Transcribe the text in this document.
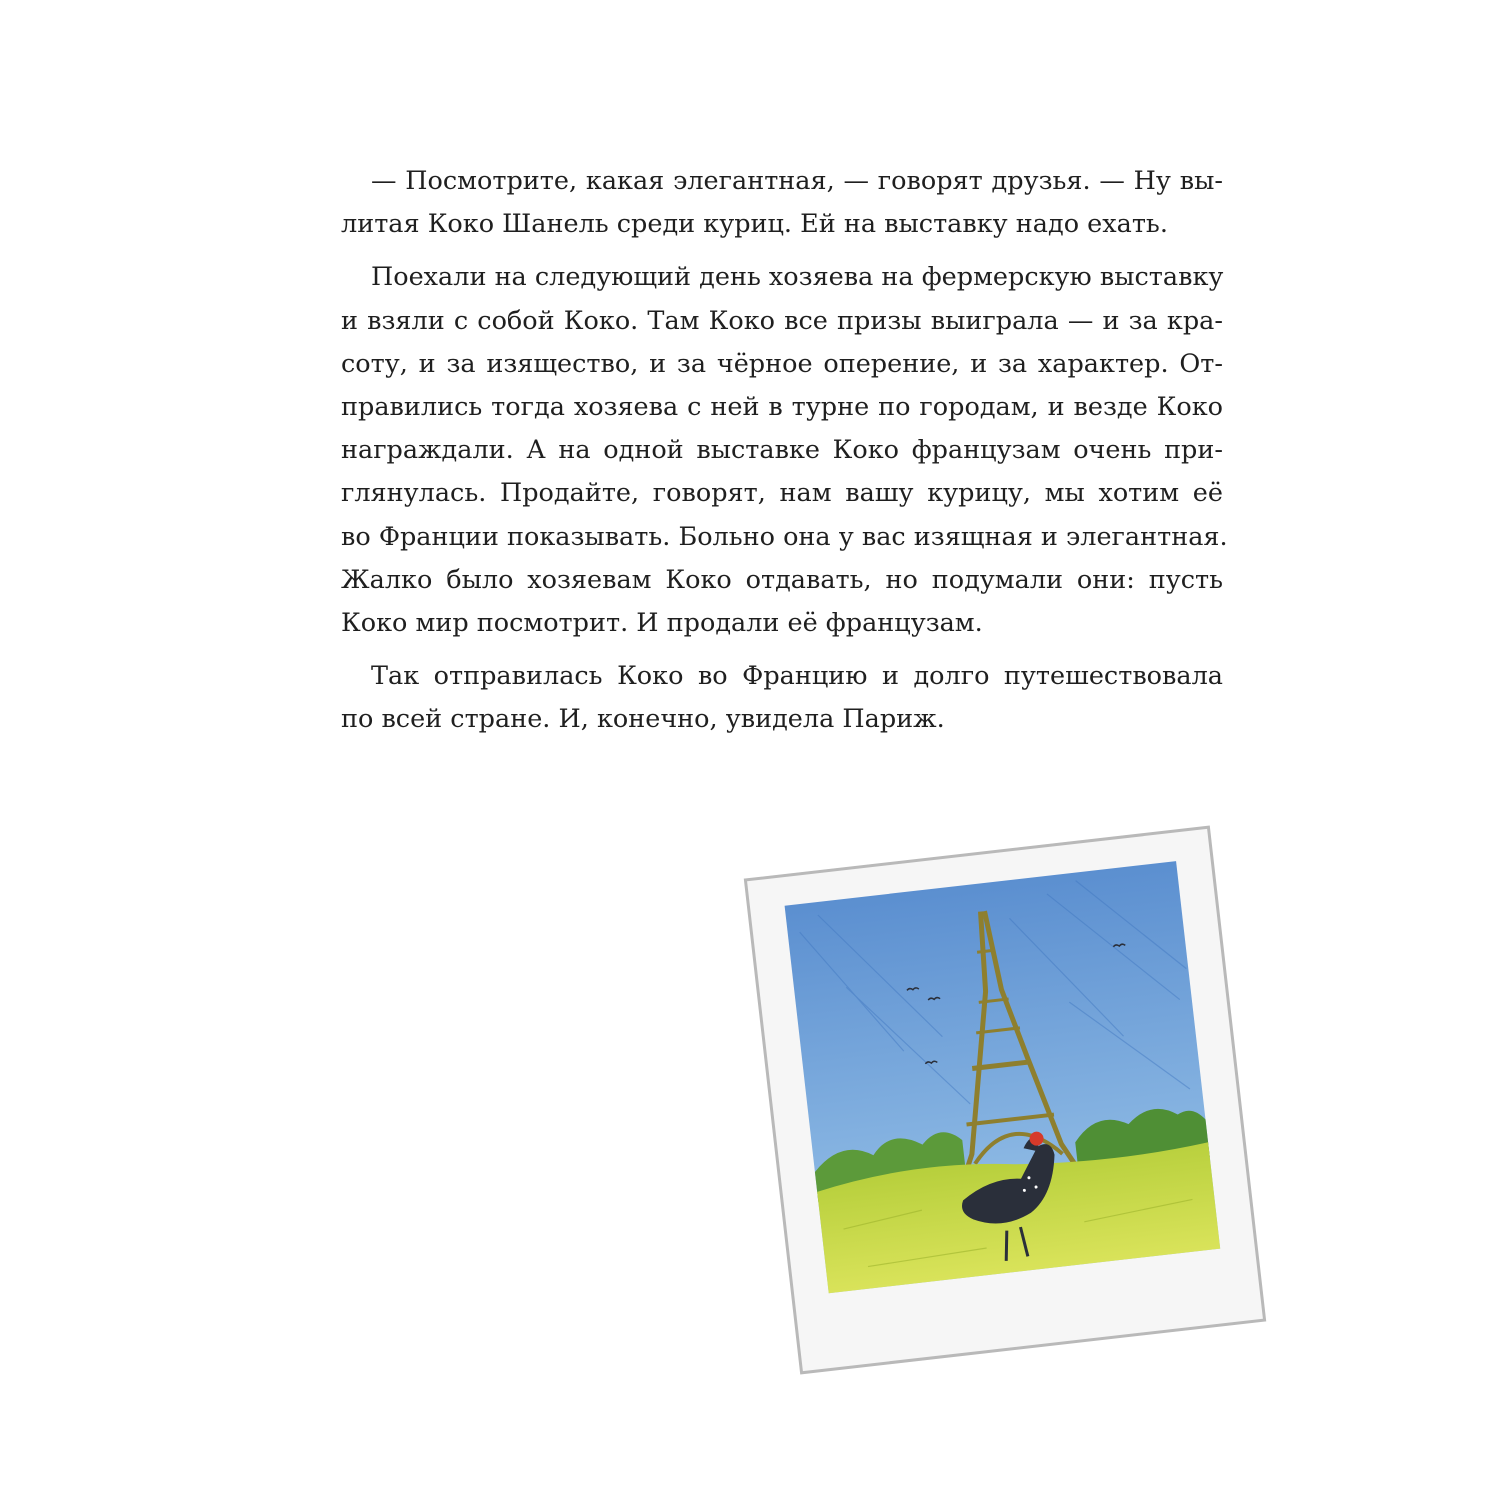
— Посмотрите, какая элегантная, — говорят друзья. — Ну вы-
литая Коко Шанель среди куриц. Ей на выставку надо ехать.
Поехали на следующий день хозяева на фермерскую выставку
и взяли с собой Коко. Там Коко все призы выиграла — и за кра-
соту, и за изящество, и за чёрное оперение, и за характер. От-
правились тогда хозяева с ней в турне по городам, и везде Коко
награждали. А на одной выставке Коко французам очень при-
глянулась. Продайте, говорят, нам вашу курицу, мы хотим её
во Франции показывать. Больно она у вас изящная и элегантная.
Жалко было хозяевам Коко отдавать, но подумали они: пусть
Коко мир посмотрит. И продали её французам.
Так отправилась Коко во Францию и долго путешествовала
по всей стране. И, конечно, увидела Париж.
